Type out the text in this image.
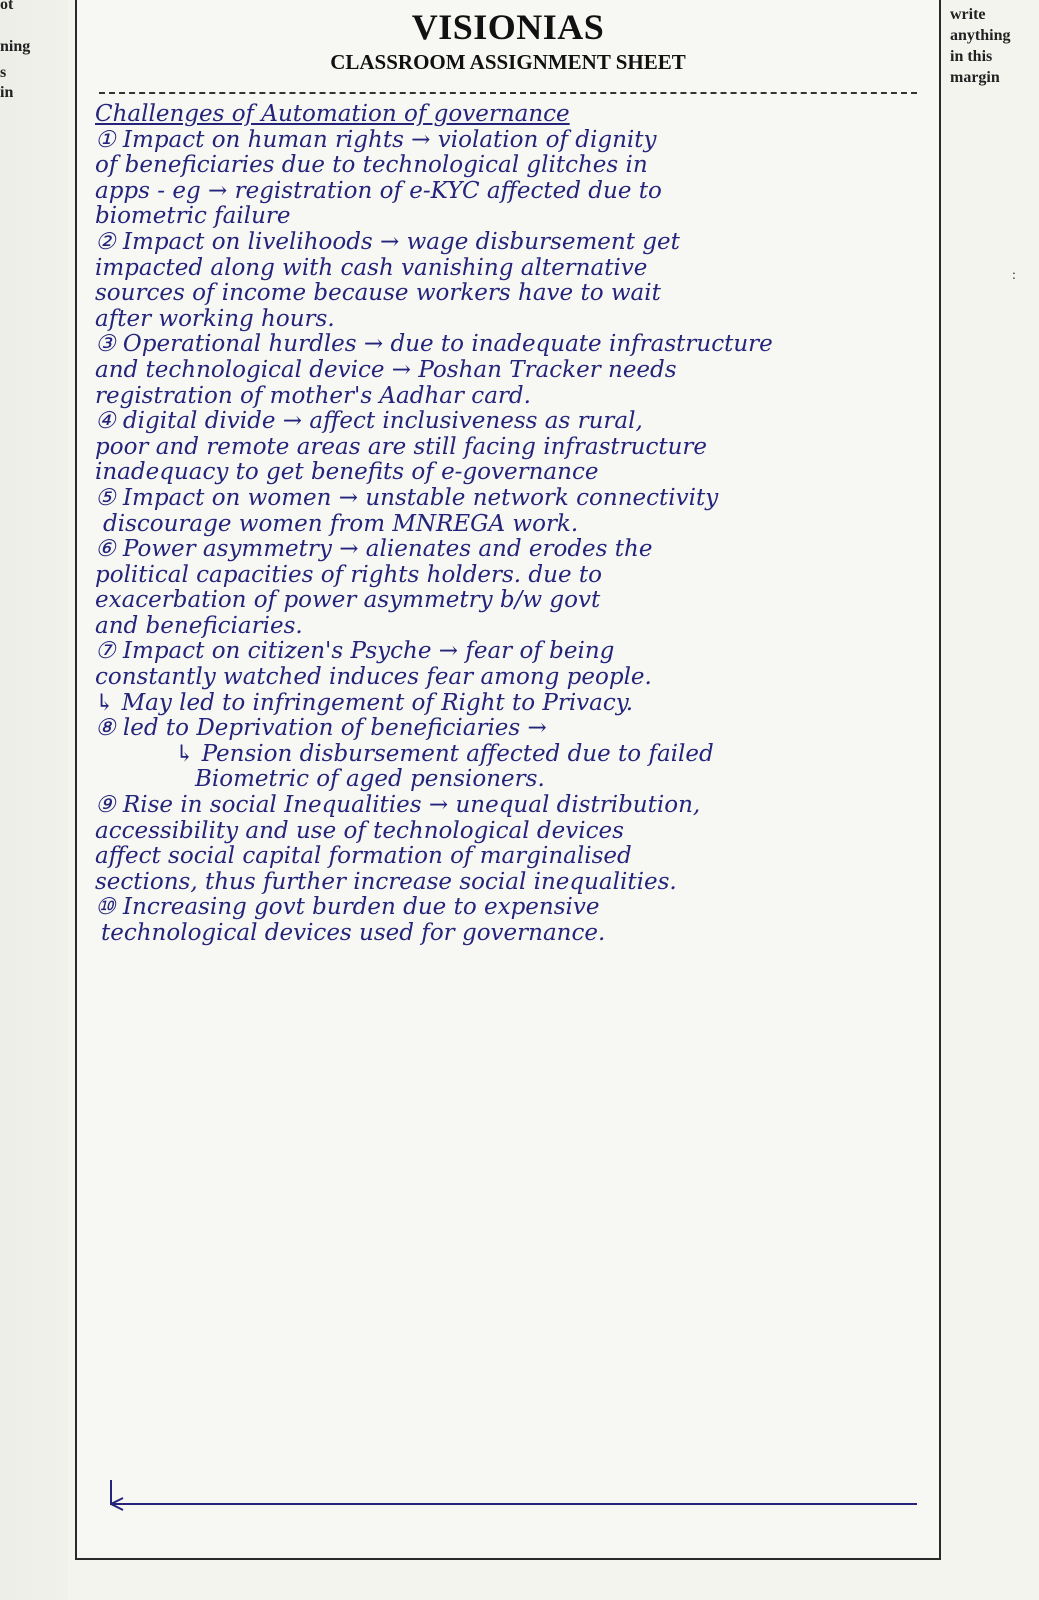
ot
ning
s
in
VISIONIAS
CLASSROOM ASSIGNMENT SHEET
Challenges of Automation of governance
① Impact on human rights → violation of dignity
of beneficiaries due to technological glitches in
apps - eg → registration of e-KYC affected due to
biometric failure
② Impact on livelihoods → wage disbursement get
impacted along with cash vanishing alternative
sources of income because workers have to wait
after working hours.
③ Operational hurdles → due to inadequate infrastructure
and technological device → Poshan Tracker needs
registration of mother's Aadhar card.
④ digital divide → affect inclusiveness as rural,
poor and remote areas are still facing infrastructure
inadequacy to get benefits of e-governance
⑤ Impact on women → unstable network connectivity
discourage women from MNREGA work.
⑥ Power asymmetry → alienates and erodes the
political capacities of rights holders. due to
exacerbation of power asymmetry b/w govt
and beneficiaries.
⑦ Impact on citizen's Psyche → fear of being
constantly watched induces fear among people.
↳ May led to infringement of Right to Privacy.
⑧ led to Deprivation of beneficiaries →
↳ Pension disbursement affected due to failed
Biometric of aged pensioners.
⑨ Rise in social Inequalities → unequal distribution,
accessibility and use of technological devices
affect social capital formation of marginalised
sections, thus further increase social inequalities.
⑩ Increasing govt burden due to expensive
technological devices used for governance.
write
anything
in this
margin
:
